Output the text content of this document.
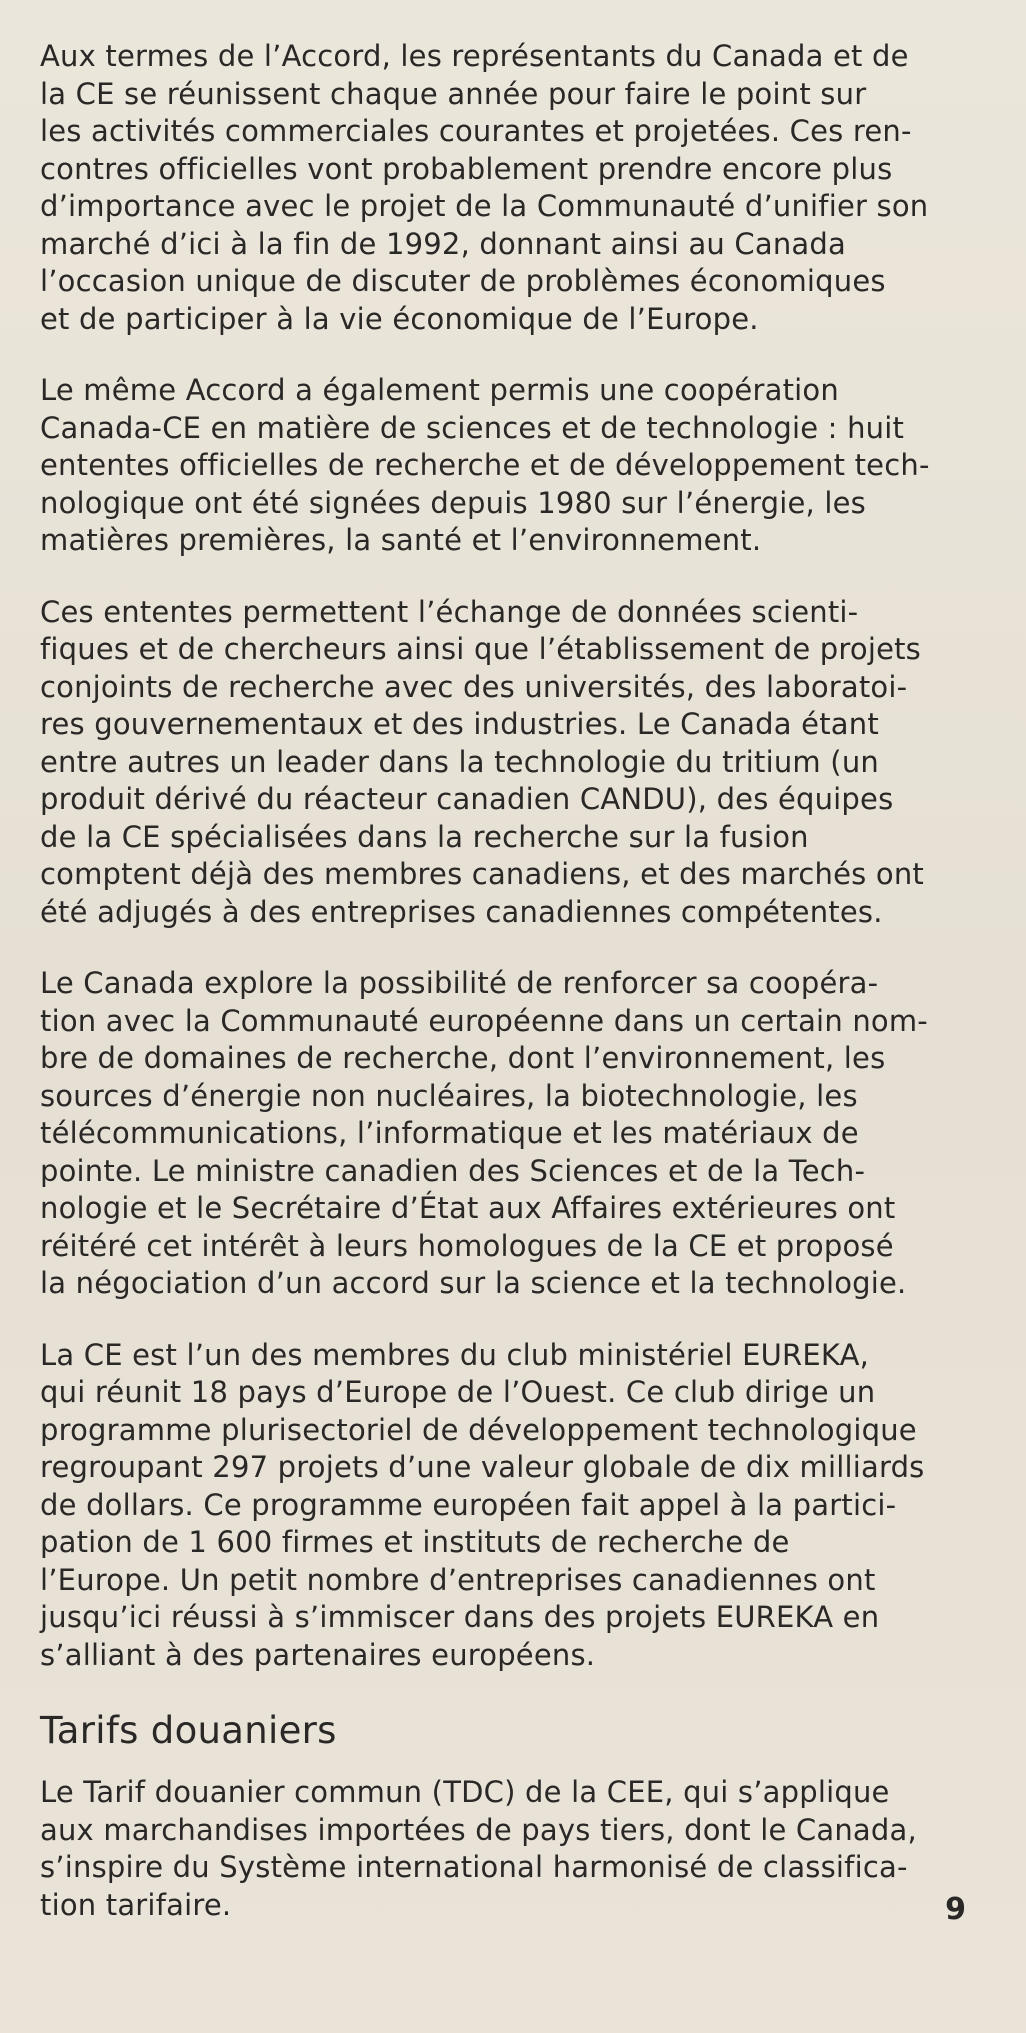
Aux termes de l’Accord, les représentants du Canada et de
la CE se réunissent chaque année pour faire le point sur
les activités commerciales courantes et projetées. Ces ren-
contres officielles vont probablement prendre encore plus
d’importance avec le projet de la Communauté d’unifier son
marché d’ici à la fin de 1992, donnant ainsi au Canada
l’occasion unique de discuter de problèmes économiques
et de participer à la vie économique de l’Europe.

Le même Accord a également permis une coopération
Canada-CE en matière de sciences et de technologie : huit
ententes officielles de recherche et de développement tech-
nologique ont été signées depuis 1980 sur l’énergie, les
matières premières, la santé et l’environnement.

Ces ententes permettent l’échange de données scienti-
fiques et de chercheurs ainsi que l’établissement de projets
conjoints de recherche avec des universités, des laboratoi-
res gouvernementaux et des industries. Le Canada étant
entre autres un leader dans la technologie du tritium (un
produit dérivé du réacteur canadien CANDU), des équipes
de la CE spécialisées dans la recherche sur la fusion
comptent déjà des membres canadiens, et des marchés ont
été adjugés à des entreprises canadiennes compétentes.

Le Canada explore la possibilité de renforcer sa coopéra-
tion avec la Communauté européenne dans un certain nom-
bre de domaines de recherche, dont l’environnement, les
sources d’énergie non nucléaires, la biotechnologie, les
télécommunications, l’informatique et les matériaux de
pointe. Le ministre canadien des Sciences et de la Tech-
nologie et le Secrétaire d’État aux Affaires extérieures ont
réitéré cet intérêt à leurs homologues de la CE et proposé
la négociation d’un accord sur la science et la technologie.

La CE est l’un des membres du club ministériel EUREKA,
qui réunit 18 pays d’Europe de l’Ouest. Ce club dirige un
programme plurisectoriel de développement technologique
regroupant 297 projets d’une valeur globale de dix milliards
de dollars. Ce programme européen fait appel à la partici-
pation de 1 600 firmes et instituts de recherche de
l’Europe. Un petit nombre d’entreprises canadiennes ont
jusqu’ici réussi à s’immiscer dans des projets EUREKA en
s’alliant à des partenaires européens.

Tarifs douaniers

Le Tarif douanier commun (TDC) de la CEE, qui s’applique
aux marchandises importées de pays tiers, dont le Canada,
s’inspire du Système international harmonisé de classifica-
tion tarifaire.	9
